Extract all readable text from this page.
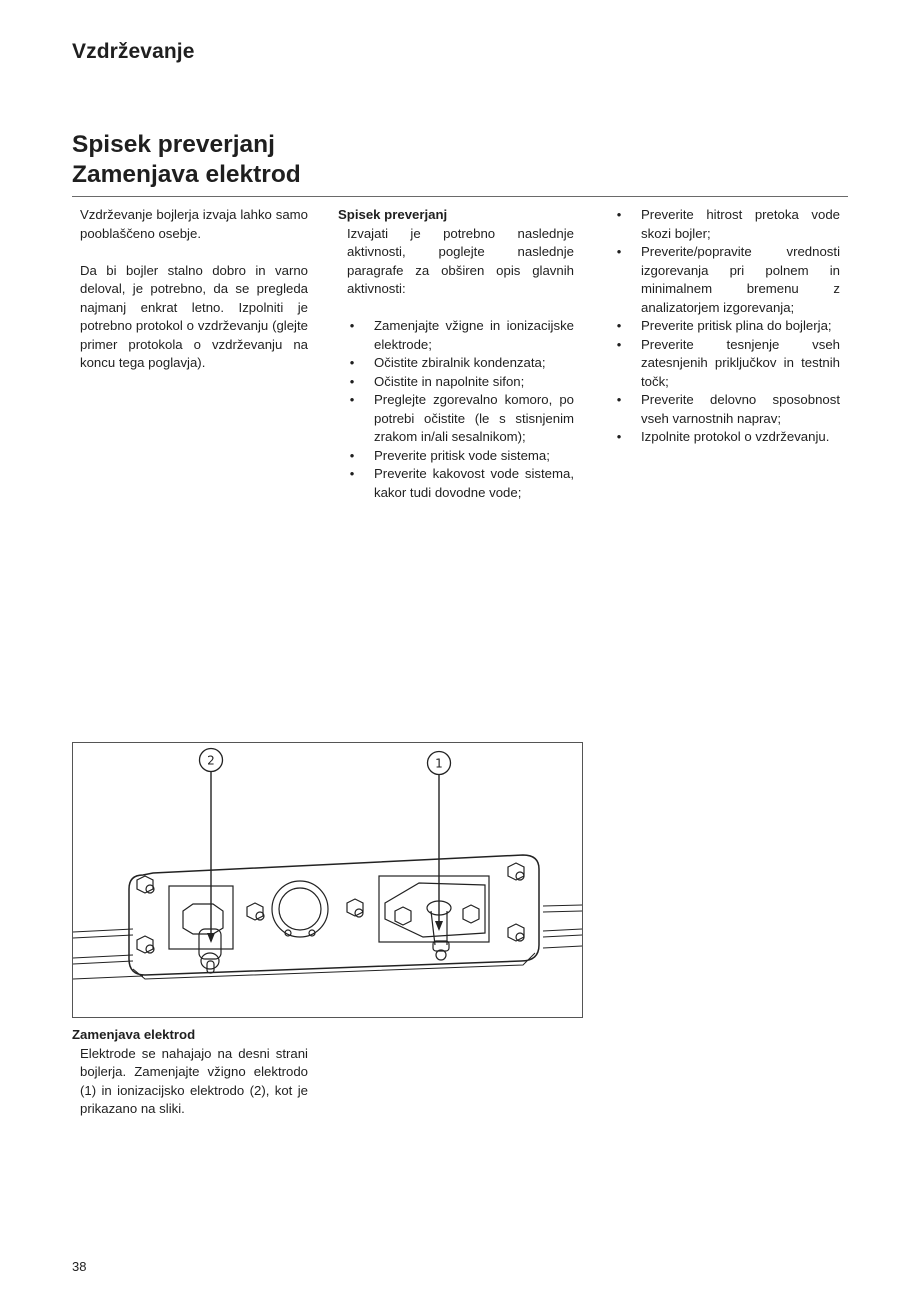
Vzdrževanje
Spisek preverjanj
Zamenjava elektrod

Vzdrževanje bojlerja izvaja lahko samo pooblaščeno osebje.

Da bi bojler stalno dobro in varno deloval, je potrebno, da se pregleda najmanj enkrat letno. Izpolniti je potrebno protokol o vzdrževanju (glejte primer protokola o vzdrževanju na koncu tega poglavja).

Spisek preverjanj
Izvajati je potrebno naslednje aktivnosti, poglejte naslednje paragrafe za obširen opis glavnih aktivnosti:
• Zamenjajte vžigne in ionizacijske elektrode;
• Očistite zbiralnik kondenzata;
• Očistite in napolnite sifon;
• Preglejte zgorevalno komoro, po potrebi očistite (le s stisnjenim zrakom in/ali sesalnikom);
• Preverite pritisk vode sistema;
• Preverite kakovost vode sistema, kakor tudi dovodne vode;
• Preverite hitrost pretoka vode skozi bojler;
• Preverite/popravite vrednosti izgorevanja pri polnem in minimalnem bremenu z analizatorjem izgorevanja;
• Preverite pritisk plina do bojlerja;
• Preverite tesnjenje vseh zatesnjenih priključkov in testnih točk;
• Preverite delovno sposobnost vseh varnostnih naprav;
• Izpolnite protokol o vzdrževanju.
2	1
Zamenjava elektrod
Elektrode se nahajajo na desni strani bojlerja. Zamenjajte vžigno elektrodo (1) in ionizacijsko elektrodo (2), kot je prikazano na sliki.
38
